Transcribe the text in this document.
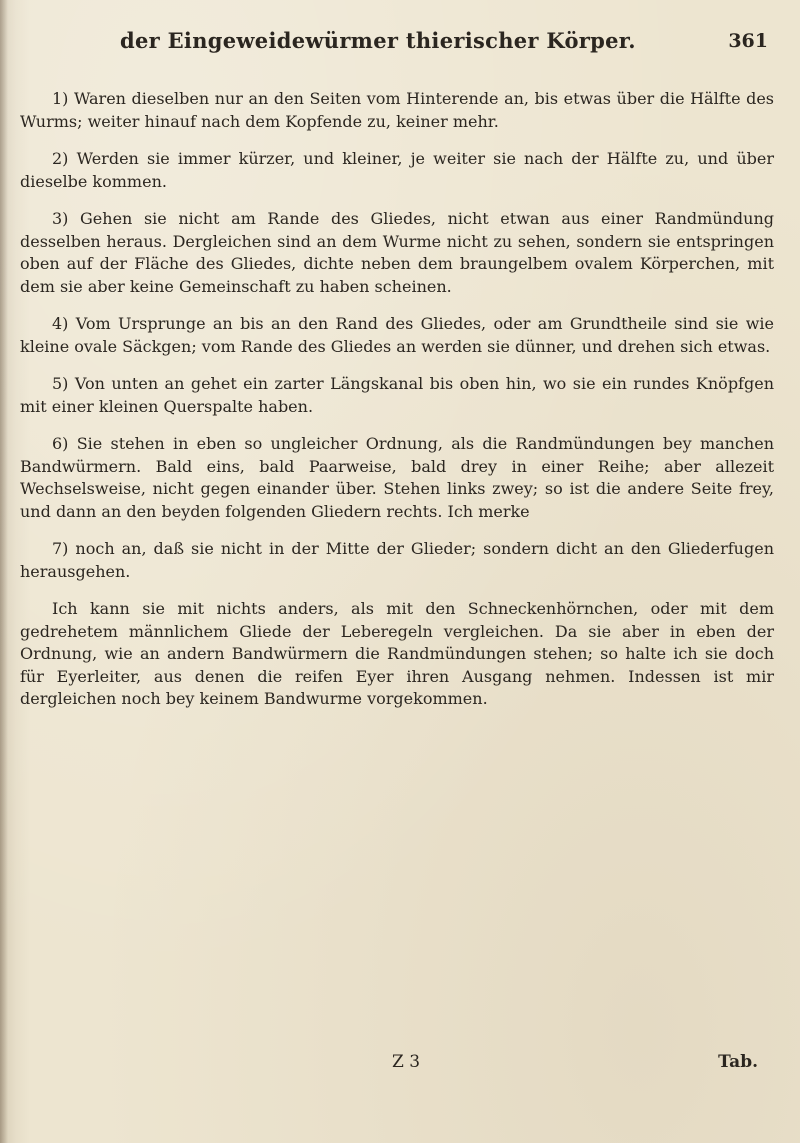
der Eingeweidewürmer thierischer Körper.	361

1) Waren dieselben nur an den Seiten vom Hinterende an, bis etwas über die Hälfte des Wurms; weiter hinauf nach dem Kopfende zu, keiner mehr.

2) Werden sie immer kürzer, und kleiner, je weiter sie nach der Hälfte zu, und über dieselbe kommen.

3) Gehen sie nicht am Rande des Gliedes, nicht etwan aus einer Randmündung desselben heraus. Dergleichen sind an dem Wurme nicht zu sehen, sondern sie entspringen oben auf der Fläche des Gliedes, dichte neben dem braungelbem ovalem Körperchen, mit dem sie aber keine Gemeinschaft zu haben scheinen.

4) Vom Ursprunge an bis an den Rand des Gliedes, oder am Grundtheile sind sie wie kleine ovale Säckgen; vom Rande des Gliedes an werden sie dünner, und drehen sich etwas.

5) Von unten an gehet ein zarter Längskanal bis oben hin, wo sie ein rundes Knöpfgen mit einer kleinen Querspalte haben.

6) Sie stehen in eben so ungleicher Ordnung, als die Randmündungen bey manchen Bandwürmern. Bald eins, bald Paarweise, bald drey in einer Reihe; aber allezeit Wechselsweise, nicht gegen einander über. Stehen links zwey; so ist die andere Seite frey, und dann an den beyden folgenden Gliedern rechts. Ich merke

7) noch an, daß sie nicht in der Mitte der Glieder; sondern dicht an den Gliederfugen herausgehen.

Ich kann sie mit nichts anders, als mit den Schneckenhörnchen, oder mit dem gedrehetem männlichem Gliede der Leberegeln vergleichen. Da sie aber in eben der Ordnung, wie an andern Bandwürmern die Randmündungen stehen; so halte ich sie doch für Eyerleiter, aus denen die reifen Eyer ihren Ausgang nehmen. Indessen ist mir dergleichen noch bey keinem Bandwurme vorgekommen.

Z 3	Tab.
